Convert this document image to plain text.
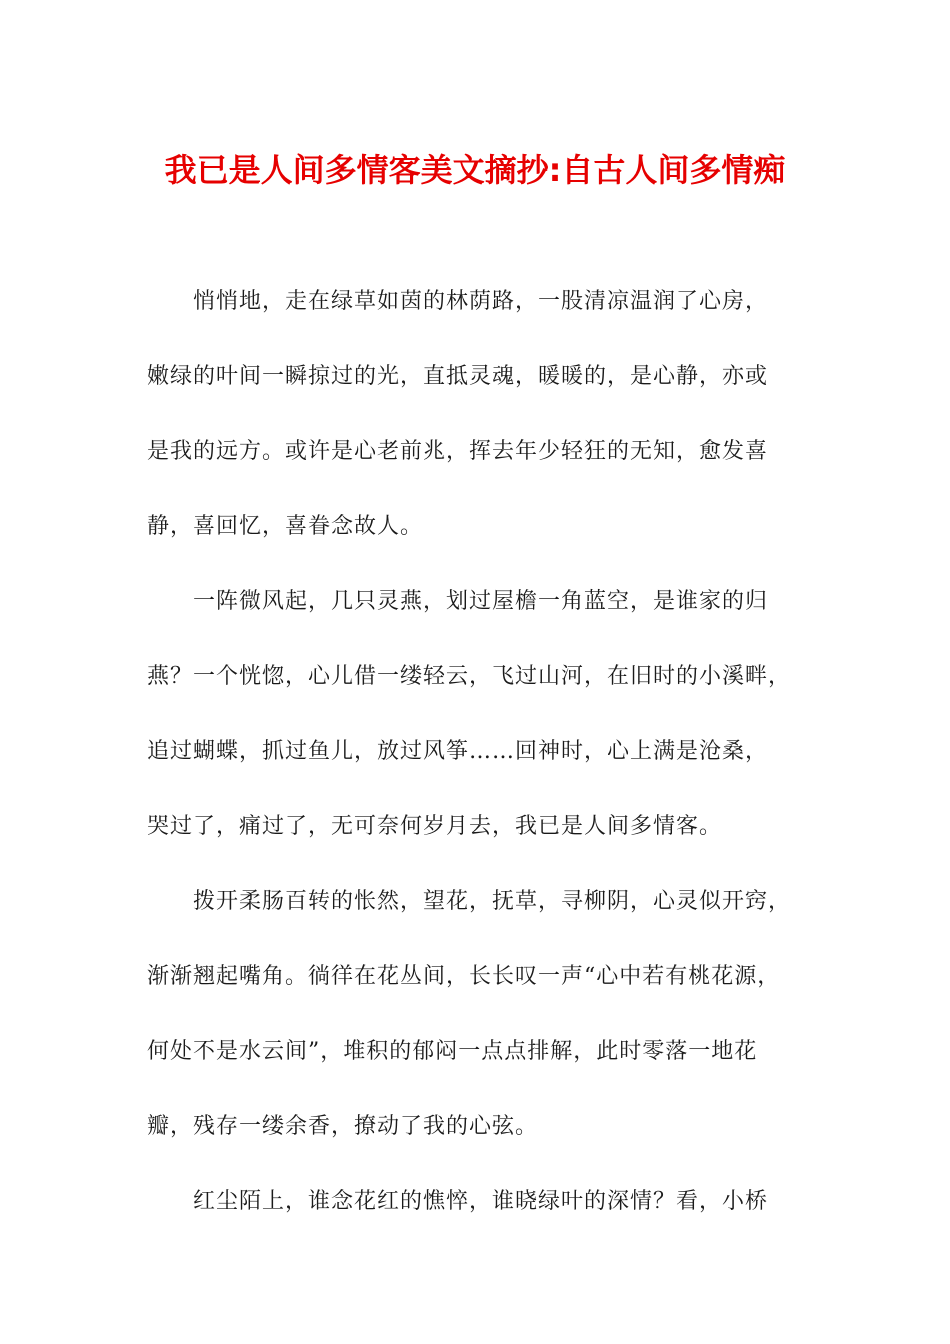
我已是人间多情客美文摘抄:自古人间多情痴
悄悄地，走在绿草如茵的林荫路，一股清凉温润了心房，
嫩绿的叶间一瞬掠过的光，直抵灵魂，暖暖的，是心静，亦或
是我的远方。或许是心老前兆，挥去年少轻狂的无知，愈发喜
静，喜回忆，喜眷念故人。
一阵微风起，几只灵燕，划过屋檐一角蓝空，是谁家的归
燕？一个恍惚，心儿借一缕轻云，飞过山河，在旧时的小溪畔，
追过蝴蝶，抓过鱼儿，放过风筝……回神时，心上满是沧桑，
哭过了，痛过了，无可奈何岁月去，我已是人间多情客。
拨开柔肠百转的怅然，望花，抚草，寻柳阴，心灵似开窍，
渐渐翘起嘴角。徜徉在花丛间，长长叹一声“心中若有桃花源，
何处不是水云间”，堆积的郁闷一点点排解，此时零落一地花
瓣，残存一缕余香，撩动了我的心弦。
红尘陌上，谁念花红的憔悴，谁晓绿叶的深情？看，小桥
